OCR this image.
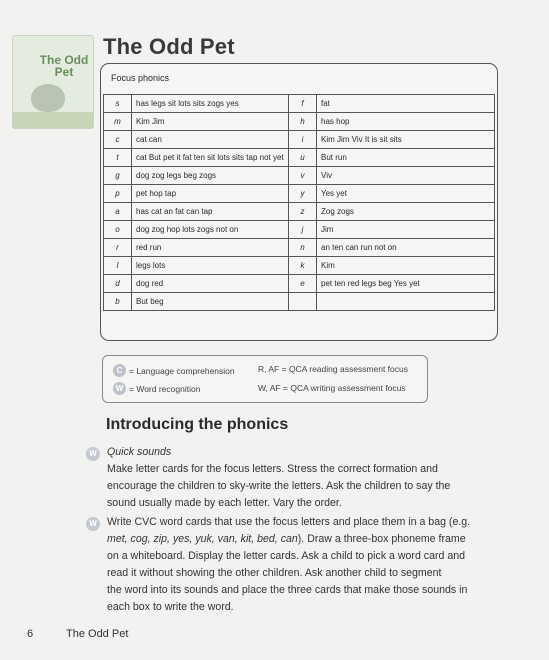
The Odd Pet
The Odd Pet
Focus phonics
s	has legs sit lots sits zogs yes	f	fat
m	Kim Jim	h	has hop
c	cat can	i	Kim Jim Viv It is sit sits
t	cat But pet it fat ten sit lots sits tap not yet	u	But run
g	dog zog legs beg zogs	v	Viv
p	pet hop tap	y	Yes yet
a	has cat an fat can tap	z	Zog zogs
o	dog zog hop lots zogs not on	j	Jim
r	red run	n	an ten can run not on
l	legs lots	k	Kim
d	dog red	e	pet ten red legs beg Yes yet
b	But beg		
C = Language comprehension
W = Word recognition
R, AF = QCA reading assessment focus
W, AF = QCA writing assessment focus
Introducing the phonics
W Quick sounds
Make letter cards for the focus letters. Stress the correct formation and
encourage the children to sky-write the letters. Ask the children to say the
sound usually made by each letter. Vary the order.
W Write CVC word cards that use the focus letters and place them in a bag (e.g.
met, cog, zip, yes, yuk, van, kit, bed, can). Draw a three-box phoneme frame
on a whiteboard. Display the letter cards. Ask a child to pick a word card and
read it without showing the other children. Ask another child to segment
the word into its sounds and place the three cards that make those sounds in
each box to write the word.
6	The Odd Pet
